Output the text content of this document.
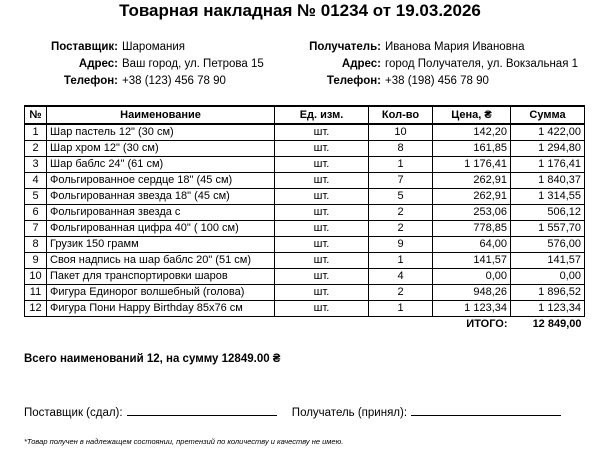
Товарная накладная № 01234 от 19.03.2026
Поставщик: Шаромания
Адрес: Ваш город, ул. Петрова 15
Телефон: +38 (123) 456 78 90
Получатель: Иванова Мария Ивановна
Адрес: город Получателя, ул. Вокзальная 1
Телефон: +38 (198) 456 78 90
№	Наименование	Ед. изм.	Кол-во	Цена, ₴	Сумма
1	Шар пастель 12" (30 см)	шт.	10	142,20	1 422,00
2	Шар хром 12" (30 см)	шт.	8	161,85	1 294,80
3	Шар баблс 24" (61 см)	шт.	1	1 176,41	1 176,41
4	Фольгированное сердце 18" (45 см)	шт.	7	262,91	1 840,37
5	Фольгированная звезда 18" (45 см)	шт.	5	262,91	1 314,55
6	Фольгированная звезда с	шт.	2	253,06	506,12
7	Фольгированная цифра 40" ( 100 см)	шт.	2	778,85	1 557,70
8	Грузик 150 грамм	шт.	9	64,00	576,00
9	Своя надпись на шар баблс 20" (51 см)	шт.	1	141,57	141,57
10	Пакет для транспортировки шаров	шт.	4	0,00	0,00
11	Фигура Единорог волшебный (голова)	шт.	2	948,26	1 896,52
12	Фигура Пони Happy Birthday 85x76 см	шт.	1	1 123,34	1 123,34
				ИТОГО:	12 849,00
Всего наименований 12, на сумму 12849.00 ₴
Поставщик (сдал):	Получатель (принял):
*Товар получен в надлежащем состоянии, претензий по количеству и качеству не имею.
